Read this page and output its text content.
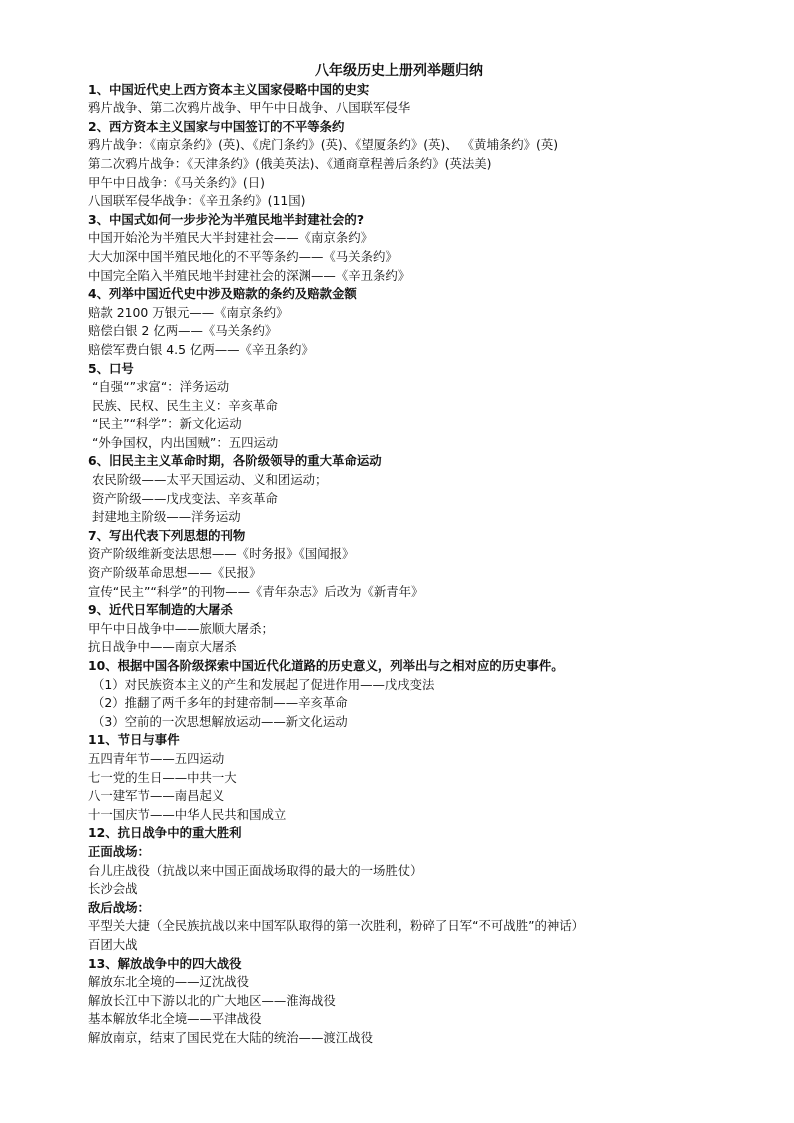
八年级历史上册列举题归纳
1、中国近代史上西方资本主义国家侵略中国的史实
鸦片战争、第二次鸦片战争、甲午中日战争、八国联军侵华
2、西方资本主义国家与中国签订的不平等条约
鸦片战争：《南京条约》(英)、《虎门条约》(英)、《望厦条约》(英)、 《黄埔条约》(英)
第二次鸦片战争：《天津条约》(俄美英法)、《通商章程善后条约》(英法美)
甲午中日战争：《马关条约》(日)
八国联军侵华战争：《辛丑条约》(11国)
3、中国式如何一步步沦为半殖民地半封建社会的?
中国开始沦为半殖民大半封建社会——《南京条约》
大大加深中国半殖民地化的不平等条约——《马关条约》
中国完全陷入半殖民地半封建社会的深渊——《辛丑条约》
4、列举中国近代史中涉及赔款的条约及赔款金额
赔款 2100 万银元——《南京条约》
赔偿白银 2 亿两——《马关条约》
赔偿军费白银 4.5 亿两——《辛丑条约》
5、口号
“自强“”求富“：洋务运动
民族、民权、民生主义：辛亥革命
“民主”“科学”：新文化运动
“外争国权，内出国贼”：五四运动
6、旧民主主义革命时期，各阶级领导的重大革命运动
农民阶级——太平天国运动、义和团运动；
资产阶级——戊戌变法、辛亥革命
封建地主阶级——洋务运动
7、写出代表下列思想的刊物
资产阶级维新变法思想——《时务报》《国闻报》
资产阶级革命思想——《民报》
宣传“民主”“科学”的刊物——《青年杂志》后改为《新青年》
9、近代日军制造的大屠杀
甲午中日战争中——旅顺大屠杀；
抗日战争中——南京大屠杀
10、根据中国各阶级探索中国近代化道路的历史意义，列举出与之相对应的历史事件。
（1）对民族资本主义的产生和发展起了促进作用——戊戌变法
（2）推翻了两千多年的封建帝制——辛亥革命
（3）空前的一次思想解放运动——新文化运动
11、节日与事件
五四青年节——五四运动
七一党的生日——中共一大
八一建军节——南昌起义
十一国庆节——中华人民共和国成立
12、抗日战争中的重大胜利
正面战场：
台儿庄战役（抗战以来中国正面战场取得的最大的一场胜仗）
长沙会战
敌后战场：
平型关大捷（全民族抗战以来中国军队取得的第一次胜利，粉碎了日军“不可战胜”的神话）
百团大战
13、解放战争中的四大战役
解放东北全境的——辽沈战役
解放长江中下游以北的广大地区——淮海战役
基本解放华北全境——平津战役
解放南京，结束了国民党在大陆的统治——渡江战役
